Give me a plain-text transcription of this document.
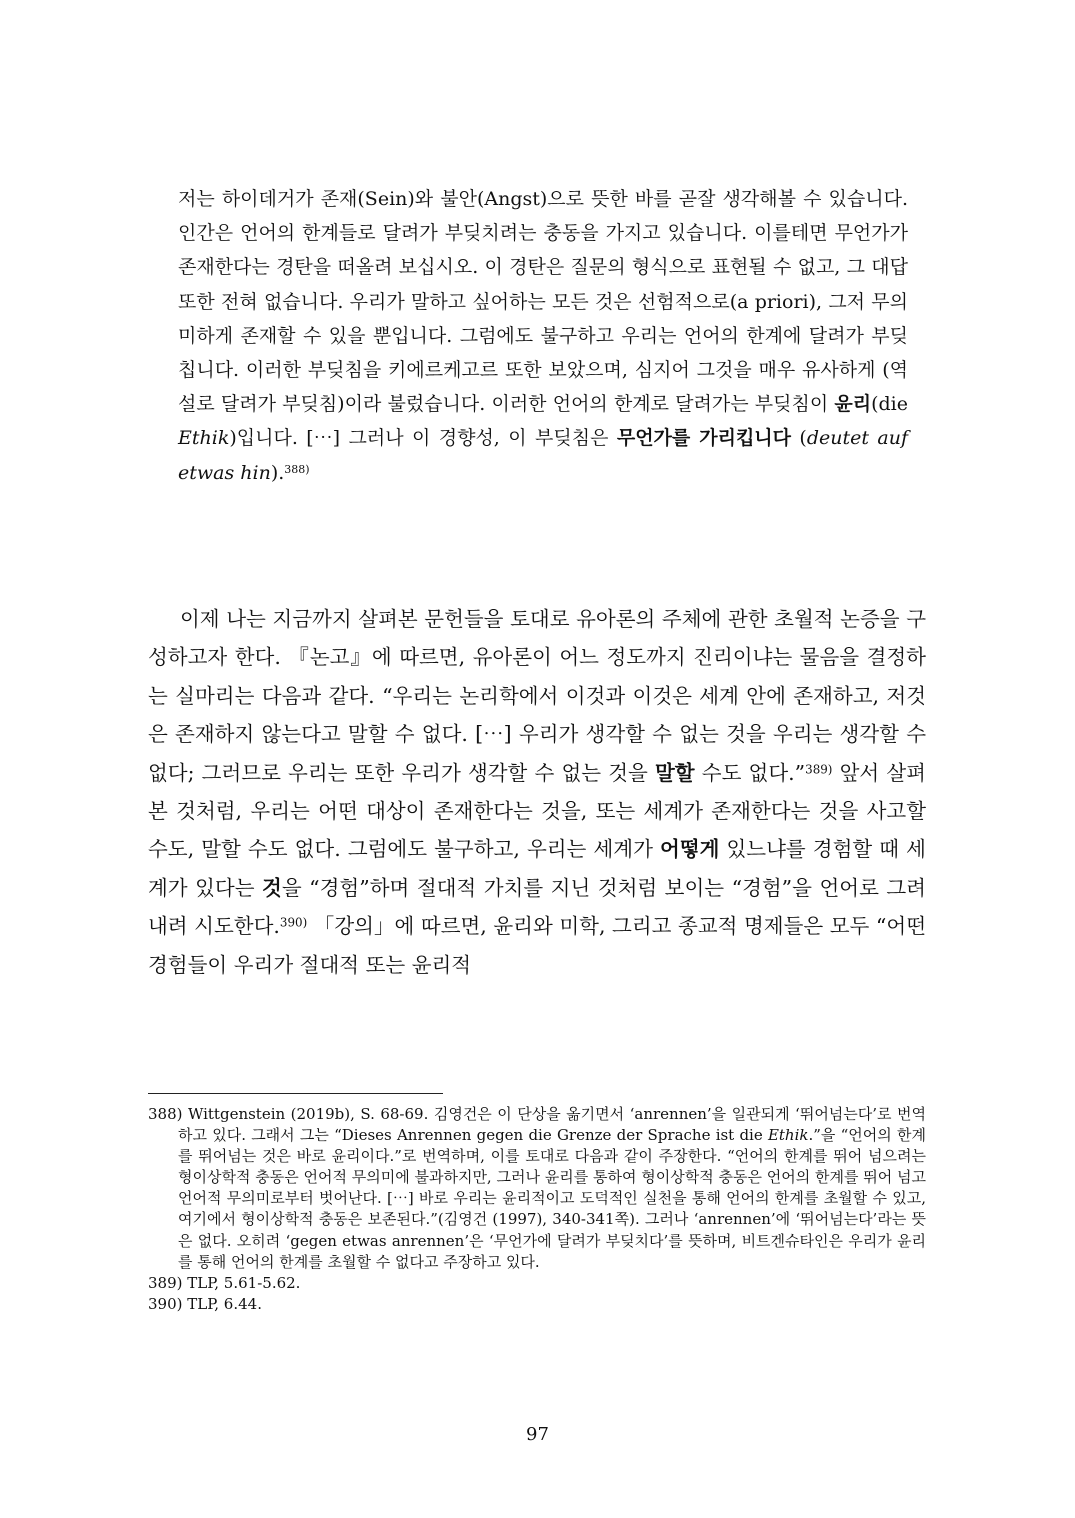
저는 하이데거가 존재(Sein)와 불안(Angst)으로 뜻한 바를 곧잘 생각해볼 수 있습니다. 인간은 언어의 한계들로 달려가 부딪치려는 충동을 가지고 있습니다. 이를테면 무언가가 존재한다는 경탄을 떠올려 보십시오. 이 경탄은 질문의 형식으로 표현될 수 없고, 그 대답 또한 전혀 없습니다. 우리가 말하고 싶어하는 모든 것은 선험적으로(a priori), 그저 무의미하게 존재할 수 있을 뿐입니다. 그럼에도 불구하고 우리는 언어의 한계에 달려가 부딪칩니다. 이러한 부딪침을 키에르케고르 또한 보았으며, 심지어 그것을 매우 유사하게 (역설로 달려가 부딪침)이라 불렀습니다. 이러한 언어의 한계로 달려가는 부딪침이 윤리(die Ethik)입니다. [⋯] 그러나 이 경향성, 이 부딪침은 무언가를 가리킵니다 (deutet auf etwas hin).$^{388)}$

이제 나는 지금까지 살펴본 문헌들을 토대로 유아론의 주체에 관한 초월적 논증을 구성하고자 한다. 『논고』에 따르면, 유아론이 어느 정도까지 진리이냐는 물음을 결정하는 실마리는 다음과 같다. “우리는 논리학에서 이것과 이것은 세계 안에 존재하고, 저것은 존재하지 않는다고 말할 수 없다. [⋯] 우리가 생각할 수 없는 것을 우리는 생각할 수 없다; 그러므로 우리는 또한 우리가 생각할 수 없는 것을 말할 수도 없다.”$^{389)}$ 앞서 살펴본 것처럼, 우리는 어떤 대상이 존재한다는 것을, 또는 세계가 존재한다는 것을 사고할 수도, 말할 수도 없다. 그럼에도 불구하고, 우리는 세계가 어떻게 있느냐를 경험할 때 세계가 있다는 것을 “경험”하며 절대적 가치를 지닌 것처럼 보이는 “경험”을 언어로 그려내려 시도한다.$^{390)}$ 「강의」에 따르면, 윤리와 미학, 그리고 종교적 명제들은 모두 “어떤 경험들이 우리가 절대적 또는 윤리적

388) Wittgenstein (2019b), S. 68-69. 김영건은 이 단상을 옮기면서 ‘anrennen’을 일관되게 ‘뛰어넘는다’로 번역하고 있다. 그래서 그는 “Dieses Anrennen gegen die Grenze der Sprache ist die Ethik.”을 “언어의 한계를 뛰어넘는 것은 바로 윤리이다.”로 번역하며, 이를 토대로 다음과 같이 주장한다. “언어의 한계를 뛰어 넘으려는 형이상학적 충동은 언어적 무의미에 불과하지만, 그러나 윤리를 통하여 형이상학적 충동은 언어의 한계를 뛰어 넘고 언어적 무의미로부터 벗어난다. [⋯] 바로 우리는 윤리적이고 도덕적인 실천을 통해 언어의 한계를 초월할 수 있고, 여기에서 형이상학적 충동은 보존된다.”(김영건 (1997), 340-341쪽). 그러나 ‘anrennen’에 ‘뛰어넘는다’라는 뜻은 없다. 오히려 ‘gegen etwas anrennen’은 ‘무언가에 달려가 부딪치다’를 뜻하며, 비트겐슈타인은 우리가 윤리를 통해 언어의 한계를 초월할 수 없다고 주장하고 있다.

389) TLP, 5.61-5.62.

390) TLP, 6.44.

97
